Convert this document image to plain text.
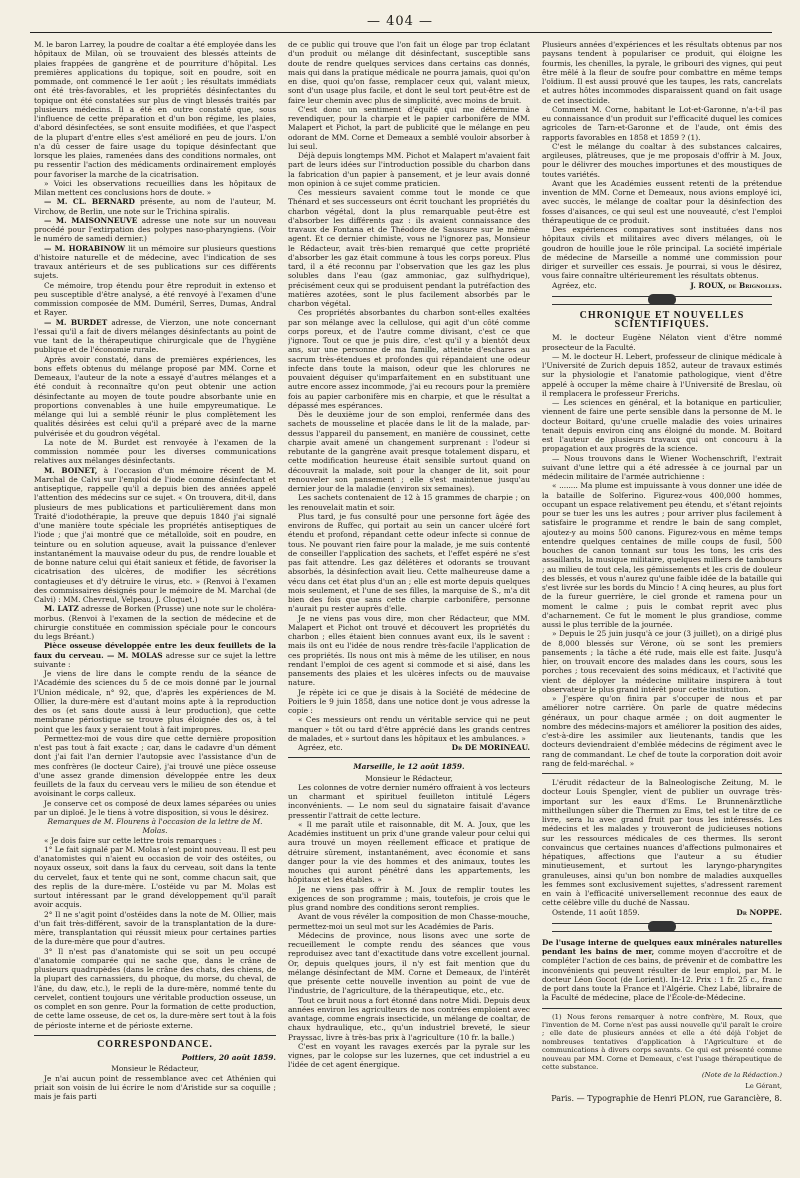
— 404 —

M. le baron Larrey, la poudre de coaltar a été employée dans les hôpitaux de Milan, où se trouvaient des blessés atteints de plaies frappées de gangrène et de pourriture d'hôpital. Les premières applications du topique, soit en poudre, soit en pommade, ont commencé le 1er août ; les résultats immédiats ont été très-favorables, et les propriétés désinfectantes du topique ont été constatées sur plus de vingt blessés traités par plusieurs médecins. Il a été en outre constaté que, sous l'influence de cette préparation et d'un bon régime, les plaies, d'abord désinfectées, se sont ensuite modifiées, et que l'aspect de la plupart d'entre elles s'est amélioré en peu de jours. L'on n'a dû cesser de faire usage du topique désinfectant que lorsque les plaies, ramenées dans des conditions normales, ont pu ressentir l'action des médicaments ordinairement employés pour favoriser la marche de la cicatrisation.

» Voici les observations recueillies dans les hôpitaux de Milan mettent ces conclusions hors de doute. »

— M. CL. BERNARD présente, au nom de l'auteur, M. Virchow, de Berlin, une note sur le Trichina spiralis.

— M. MAISONNEUVE adresse une note sur un nouveau procédé pour l'extirpation des polypes naso-pharyngiens. (Voir le numéro de samedi dernier.)

— M. HORABINOW lit un mémoire sur plusieurs questions d'histoire naturelle et de médecine, avec l'indication de ses travaux antérieurs et de ses publications sur ces différents sujets.

Ce mémoire, trop étendu pour être reproduit in extenso et peu susceptible d'être analysé, a été renvoyé à l'examen d'une commission composée de MM. Duméril, Serres, Dumas, Andral et Rayer.

— M. BURDET adresse, de Vierzon, une note concernant l'essai qu'il a fait de divers mélanges désinfectants au point de vue tant de la thérapeutique chirurgicale que de l'hygiène publique et de l'économie rurale.

Après avoir constaté, dans de premières expériences, les bons effets obtenus du mélange proposé par MM. Corne et Demeaux, l'auteur de la note a essayé d'autres mélanges et a été conduit à reconnaître qu'on peut obtenir une action désinfectante au moyen de toute poudre absorbante unie en proportions convenables à une huile empyreumatique. Le mélange qui lui a semblé réunir le plus complètement les qualités désirées est celui qu'il a préparé avec de la marne pulvérisée et du goudron végétal.

La note de M. Burdet est renvoyée à l'examen de la commission nommée pour les diverses communications relatives aux mélanges désinfectants.

M. BOINET, à l'occasion d'un mémoire récent de M. Marchal de Calvi sur l'emploi de l'iode comme désinfectant et antiseptique, rappelle qu'il a depuis bien des années appelé l'attention des médecins sur ce sujet. « On trouvera, dit-il, dans plusieurs de mes publications et particulièrement dans mon Traité d'iodothérapie, la preuve que depuis 1840 j'ai signalé d'une manière toute spéciale les propriétés antiseptiques de l'iode ; que j'ai montré que ce métalloïde, soit en poudre, en teinture ou en solution aqueuse, avait la puissance d'enlever instantanément la mauvaise odeur du pus, de rendre louable et de bonne nature celui qui était sanieux et fétide, de favoriser la cicatrisation des ulcères, de modifier les sécrétions contagieuses et d'y détruire le virus, etc. » (Renvoi à l'examen des commissaires désignés pour le mémoire de M. Marchal (de Calvi) : MM. Chevreul, Velpeau, J. Cloquet.)

M. LATZ adresse de Borken (Prusse) une note sur le choléra-morbus. (Renvoi à l'examen de la section de médecine et de chirurgie constituée en commission spéciale pour le concours du legs Bréant.)

Pièce osseuse développée entre les deux feuillets de la faux du cerveau. — M. MOLAS adresse sur ce sujet la lettre suivante :

Je viens de lire dans le compte rendu de la séance de l'Académie des sciences du 5 de ce mois donné par le journal l'Union médicale, n° 92, que, d'après les expériences de M. Ollier, la dure-mère est d'autant moins apte à la reproduction des os (et sans doute aussi à leur production), que cette membrane périostique se trouve plus éloignée des os, à tel point que les faux y seraient tout à fait impropres.

Permettez-moi de vous dire que cette dernière proposition n'est pas tout à fait exacte ; car, dans le cadavre d'un dément dont j'ai fait l'an dernier l'autopsie avec l'assistance d'un de mes confrères (le docteur Caire), j'ai trouvé une pièce osseuse d'une assez grande dimension développée entre les deux feuillets de la faux du cerveau vers le milieu de son étendue et avoisinant le corps calleux.

Je conserve cet os composé de deux lames séparées ou unies par un diploé. Je le tiens à votre disposition, si vous le désirez.

Remarques de M. Flourens à l'occasion de la lettre de M. Molas.

« Je dois faire sur cette lettre trois remarques :

1° Le fait signalé par M. Molas n'est point nouveau. Il est peu d'anatomistes qui n'aient eu occasion de voir des ostéites, ou noyaux osseux, soit dans la faux du cerveau, soit dans la tente du cervelet, faux et tente qui ne sont, comme chacun sait, que des replis de la dure-mère. L'ostéide vu par M. Molas est surtout intéressant par le grand développement qu'il paraît avoir acquis.

2° Il ne s'agit point d'ostéides dans la note de M. Ollier, mais d'un fait très-différent, savoir de la transplantation de la dure-mère, transplantation qui réussit mieux pour certaines parties de la dure-mère que pour d'autres.

3° Il n'est pas d'anatomiste qui se soit un peu occupé d'anatomie comparée qui ne sache que, dans le crâne de plusieurs quadrupèdes (dans le crâne des chats, des chiens, de la plupart des carnassiers, du phoque, du morse, du cheval, de l'âne, du daw, etc.), le repli de la dure-mère, nommé tente du cervelet, contient toujours une véritable production osseuse, un os complet en son genre. Pour la formation de cette production, de cette lame osseuse, de cet os, la dure-mère sert tout à la fois de périoste interne et de périoste externe.

CORRESPONDANCE.
Poitiers, 20 août 1859.

Monsieur le Rédacteur,

Je n'ai aucun point de ressemblance avec cet Athénien qui priait son voisin de lui écrire le nom d'Aristide sur sa coquille ; mais je fais parti

de ce public qui trouve que l'on fait un éloge par trop éclatant d'un produit ou mélange dit désinfectant, susceptible sans doute de rendre quelques services dans certains cas donnés, mais qui dans la pratique médicale ne pourra jamais, quoi qu'on en dise, quoi qu'on fasse, remplacer ceux qui, valant mieux, sont d'un usage plus facile, et dont le seul tort peut-être est de faire leur chemin avec plus de simplicité, avec moins de bruit.

C'est donc un sentiment d'équité qui me détermine à revendiquer, pour la charpie et le papier carbonifère de MM. Malapert et Pichot, la part de publicité que le mélange en peu odorant de MM. Corne et Demeaux a semblé vouloir absorber à lui seul.

Déjà depuis longtemps MM. Pichot et Malapert m'avaient fait part de leurs idées sur l'introduction possible du charbon dans la fabrication d'un papier à pansement, et je leur avais donné mon opinion à ce sujet comme praticien.

Ces messieurs savaient comme tout le monde ce que Thénard et ses successeurs ont écrit touchant les propriétés du charbon végétal, dont la plus remarquable peut-être est d'absorber les différents gaz : ils avaient connaissance des travaux de Fontana et de Théodore de Saussure sur le même agent. Et ce dernier chimiste, vous ne l'ignorez pas, Monsieur le Rédacteur, avait très-bien remarqué que cette propriété d'absorber les gaz était commune à tous les corps poreux. Plus tard, il a été reconnu par l'observation que les gaz les plus solubles dans l'eau (gaz ammoniac, gaz sulfhydrique), précisément ceux qui se produisent pendant la putréfaction des matières azotées, sont le plus facilement absorbés par le charbon végétal.

Ces propriétés absorbantes du charbon sont-elles exaltées par son mélange avec la cellulose, qui agit d'un côté comme corps poreux, et de l'autre comme divisant, c'est ce que j'ignore. Tout ce que je puis dire, c'est qu'il y a bientôt deux ans, sur une personne de ma famille, atteinte d'eschares au sacrum très-étendues et profondes qui répandaient une odeur infecte dans toute la maison, odeur que les chlorures ne pouvaient déguiser qu'imparfaitement en en substituant une autre encore assez incommode, j'ai eu recours pour la première fois au papier carbonifère mis en charpie, et que le résultat a dépassé mes espérances.

Dès le deuxième jour de son emploi, renfermée dans des sachets de mousseline et placée dans le lit de la malade, par-dessus l'appareil du pansement, en manière de coussinet, cette charpie avait amené un changement surprenant : l'odeur si rebutante de la gangrène avait presque totalement disparu, et cette modification heureuse était sensible surtout quand on découvrait la malade, soit pour la changer de lit, soit pour renouveler son pansement ; elle s'est maintenue jusqu'au dernier jour de la maladie (environ six semaines).

Les sachets contenaient de 12 à 15 grammes de charpie ; on les renouvelait matin et soir.

Plus tard, je fus consulté pour une personne fort âgée des environs de Ruffec, qui portait au sein un cancer ulcéré fort étendu et profond, répandant cette odeur infecte si connue de tous. Ne pouvant rien faire pour la malade, je me suis contenté de conseiller l'application des sachets, et l'effet espéré ne s'est pas fait attendre. Les gaz délétères et odorants se trouvant absorbés, la désinfection avait lieu. Cette malheureuse dame a vécu dans cet état plus d'un an ; elle est morte depuis quelques mois seulement, et l'une de ses filles, la marquise de S., m'a dit bien des fois que sans cette charpie carbonifère, personne n'aurait pu rester auprès d'elle.

Je ne viens pas vous dire, mon cher Rédacteur, que MM. Malapert et Pichot ont trouvé et découvert les propriétés du charbon ; elles étaient bien connues avant eux, ils le savent : mais ils ont eu l'idée de nous rendre très-facile l'application de ces propriétés. Ils nous ont mis à même de les utiliser, en nous rendant l'emploi de ces agent si commode et si aisé, dans les pansements des plaies et les ulcères infects ou de mauvaise nature.

Je répète ici ce que je disais à la Société de médecine de Poitiers le 9 juin 1858, dans une notice dont je vous adresse la copie :

« Ces messieurs ont rendu un véritable service qui ne peut manquer » tôt ou tard d'être apprécié dans les grands centres de malades, et » surtout dans les hôpitaux et les ambulances. »

Agréez, etc.	Dr DE MORINEAU.

Marseille, le 12 août 1859.

Monsieur le Rédacteur,

Les colonnes de votre dernier numéro offraient à vos lecteurs un charmant et spirituel feuilleton intitulé Légers inconvénients. — Le nom seul du signataire faisait d'avance pressentir l'attrait de cette lecture.

« Il me paraît utile et raisonnable, dit M. A. Joux, que les Académies instituent un prix d'une grande valeur pour celui qui aura trouvé un moyen réellement efficace et pratique de détruire sûrement, instantanément, avec économie et sans danger pour la vie des hommes et des animaux, toutes les mouches qui auront pénétré dans les appartements, les hôpitaux et les étables. »

Je ne viens pas offrir à M. Joux de remplir toutes les exigences de son programme ; mais, toutefois, je crois que le plus grand nombre des conditions seront remplies.

Avant de vous révéler la composition de mon Chasse-mouche, permettez-moi un seul mot sur les Académies de Paris.

Médecins de province, nous lisons avec une sorte de recueillement le compte rendu des séances que vous reproduisez avec tant d'exactitude dans votre excellent journal. Or, depuis quelques jours, il n'y est fait mention que du mélange désinfectant de MM. Corne et Demeaux, de l'intérêt que présente cette nouvelle invention au point de vue de l'industrie, de l'agriculture, de la thérapeutique, etc., etc.

Tout ce bruit nous a fort étonné dans notre Midi. Depuis deux années environ les agriculteurs de nos contrées emploient avec avantage, comme engrais insecticide, un mélange de coaltar, de chaux hydraulique, etc., qu'un industriel breveté, le sieur Prayssac, livre à très-bas prix à l'agriculture (10 fr. la balle.)

C'est en voyant les ravages exercés par la pyrale sur les vignes, par le colopse sur les luzernes, que cet industriel a eu l'idée de cet agent énergique.

Plusieurs années d'expériences et les résultats obtenus par nos paysans tendent à populariser ce produit, qui éloigne les fourmis, les chenilles, la pyrale, le gribouri des vignes, qui peut être mêlé à la fleur de soufre pour combattre en même temps l'oïdium. Il est aussi prouvé que les taupes, les rats, cancrelats et autres hôtes incommodes disparaissent quand on fait usage de cet insecticide.

Comment M. Corne, habitant le Lot-et-Garonne, n'a-t-il pas eu connaissance d'un produit sur l'efficacité duquel les comices agricoles de Tarn-et-Garonne et de l'aude, ont émis des rapports favorables en 1858 et 1859 ? (1).

C'est le mélange du coaltar à des substances calcaires, argileuses, plâtreuses, que je me proposais d'offrir à M. Joux, pour le délivrer des mouches importunes et des moustiques de toutes variétés.

Avant que les Académies eussent retenti de la prétendue invention de MM. Corne et Demeaux, nous avions employé ici, avec succès, le mélange de coaltar pour la désinfection des fosses d'aisances, ce qui seul est une nouveauté, c'est l'emploi thérapeutique de ce produit.

Des expériences comparatives sont instituées dans nos hôpitaux civils et militaires avec divers mélanges, où le goudron de houille joue le rôle principal. La société impériale de médecine de Marseille a nommé une commission pour diriger et surveiller ces essais. Je pourrai, si vous le désirez, vous faire connaître ultérieurement les résultats obtenus.

Agréez, etc.	J. ROUX, de Brignolles.

CHRONIQUE ET NOUVELLES SCIENTIFIQUES.

M. le docteur Eugène Nélaton vient d'être nommé prosecteur de la Faculté.

— M. le docteur H. Lebert, professeur de clinique médicale à l'Université de Zurich depuis 1852, auteur de travaux estimés sur la physiologie et l'anatomie pathologique, vient d'être appelé à occuper la même chaire à l'Université de Breslau, où il remplacera le professeur Frerichs.

— Les sciences en général, et la botanique en particulier, viennent de faire une perte sensible dans la personne de M. le docteur Boitard, qu'une cruelle maladie des voies urinaires tenait depuis environ cinq ans éloigné du monde. M. Boitard est l'auteur de plusieurs travaux qui ont concouru à la propagation et aux progrès de la science.

— Nous trouvons dans le Wiener Wochenschrift, l'extrait suivant d'une lettre qui a été adressée à ce journal par un médecin militaire de l'armée autrichienne :

« ........ Ma plume est impuissante à vous donner une idée de la bataille de Solferino. Figurez-vous 400,000 hommes, occupant un espace relativement peu étendu, et s'étant rejoints pour se tuer les uns les autres ; pour arriver plus facilement à satisfaire le programme et rendre le bain de sang complet, ajoutez-y au moins 500 canons. Figurez-vous en même temps entendre quelques centaines de mille coups de fusil, 500 bouches de canon tonnant sur tous les tons, les cris des assaillants, la musique militaire, quelques milliers de tambours ; au milieu de tout cela, les gémissements et les cris de douleur des blessés, et vous n'aurez qu'une faible idée de la bataille qui s'est livrée sur les bords du Mincio ! A cinq heures, au plus fort de la fureur guerrière, le ciel gronde et ramena pour un moment le calme ; puis le combat reprit avec plus d'acharnement. Ce fut le moment le plus grandiose, comme aussi le plus terrible de la journée.

» Depuis le 25 juin jusqu'à ce jour (3 juillet), on a dirigé plus de 8,000 blessés sur Vérone, où se sont les premiers pansements ; la tâche a été rude, mais elle est faite. Jusqu'à hier, on trouvait encore des malades dans les cours, sous les porches ; tous recevaient des soins médicaux, et l'activité que vient de déployer la médecine militaire inspirera à tout observateur le plus grand intérêt pour cette institution.

» J'espère qu'on finira par s'occuper de nous et par améliorer notre carrière. On parle de quatre médecins généraux, un pour chaque armée ; on doit augmenter le nombre des médecins-majors et améliorer la position des aides, c'est-à-dire les assimiler aux lieutenants, tandis que les docteurs deviendraient d'emblée médecins de régiment avec le rang de commandant. Le chef de toute la corporation doit avoir rang de feld-maréchal. »

L'érudit rédacteur de la Balneologische Zeitung, M. le docteur Louis Spengler, vient de publier un ouvrage très-important sur les eaux d'Ems. Le Brunnenärztliche mittheilungen sûber die Thermen zu Ems, tel est le titre de ce livre, sera lu avec grand fruit par tous les intéressés. Les médecins et les malades y trouveront de judicieuses notions sur les ressources médicales de ces thermes. Ils seront convaincus que certaines nuances d'affections pulmonaires et hépatiques, affections que l'auteur a su étudier minutieusement, et surtout les laryngo-pharyngites granuleuses, ainsi qu'un bon nombre de maladies auxquelles les femmes sont exclusivement sujettes, s'adressent rarement en vain à l'efficacité universellement reconnue des eaux de cette célèbre ville du duché de Nassau.

Ostende, 11 août 1859.	Dr NOPPE.

De l'usage interne de quelques eaux minérales naturelles pendant les bains de mer, comme moyen d'accroître et de compléter l'action de ces bains, de prévenir et de combattre les inconvénients qui peuvent résulter de leur emploi, par M. le docteur Léon Gocot (de Lorient). In-12. Prix : 1 fr. 25 c., franc de port dans toute la France et l'Algérie. Chez Labé, libraire de la Faculté de médecine, place de l'École-de-Médecine.

(1) Nous ferons remarquer à notre confrère, M. Roux, que l'invention de M. Corne n'est pas aussi nouvelle qu'il paraît le croire ; elle date de plusieurs années et elle a été déjà l'objet de nombreuses tentatives d'application à l'Agriculture et de communications à divers corps savants. Ce qui est présenté comme nouveau par MM. Corne et Demeaux, c'est l'usage thérapeutique de cette substance.

(Note de la Rédaction.)

Le Gérant,
Paris. — Typographie de Henri PLON, rue Garancière, 8.
